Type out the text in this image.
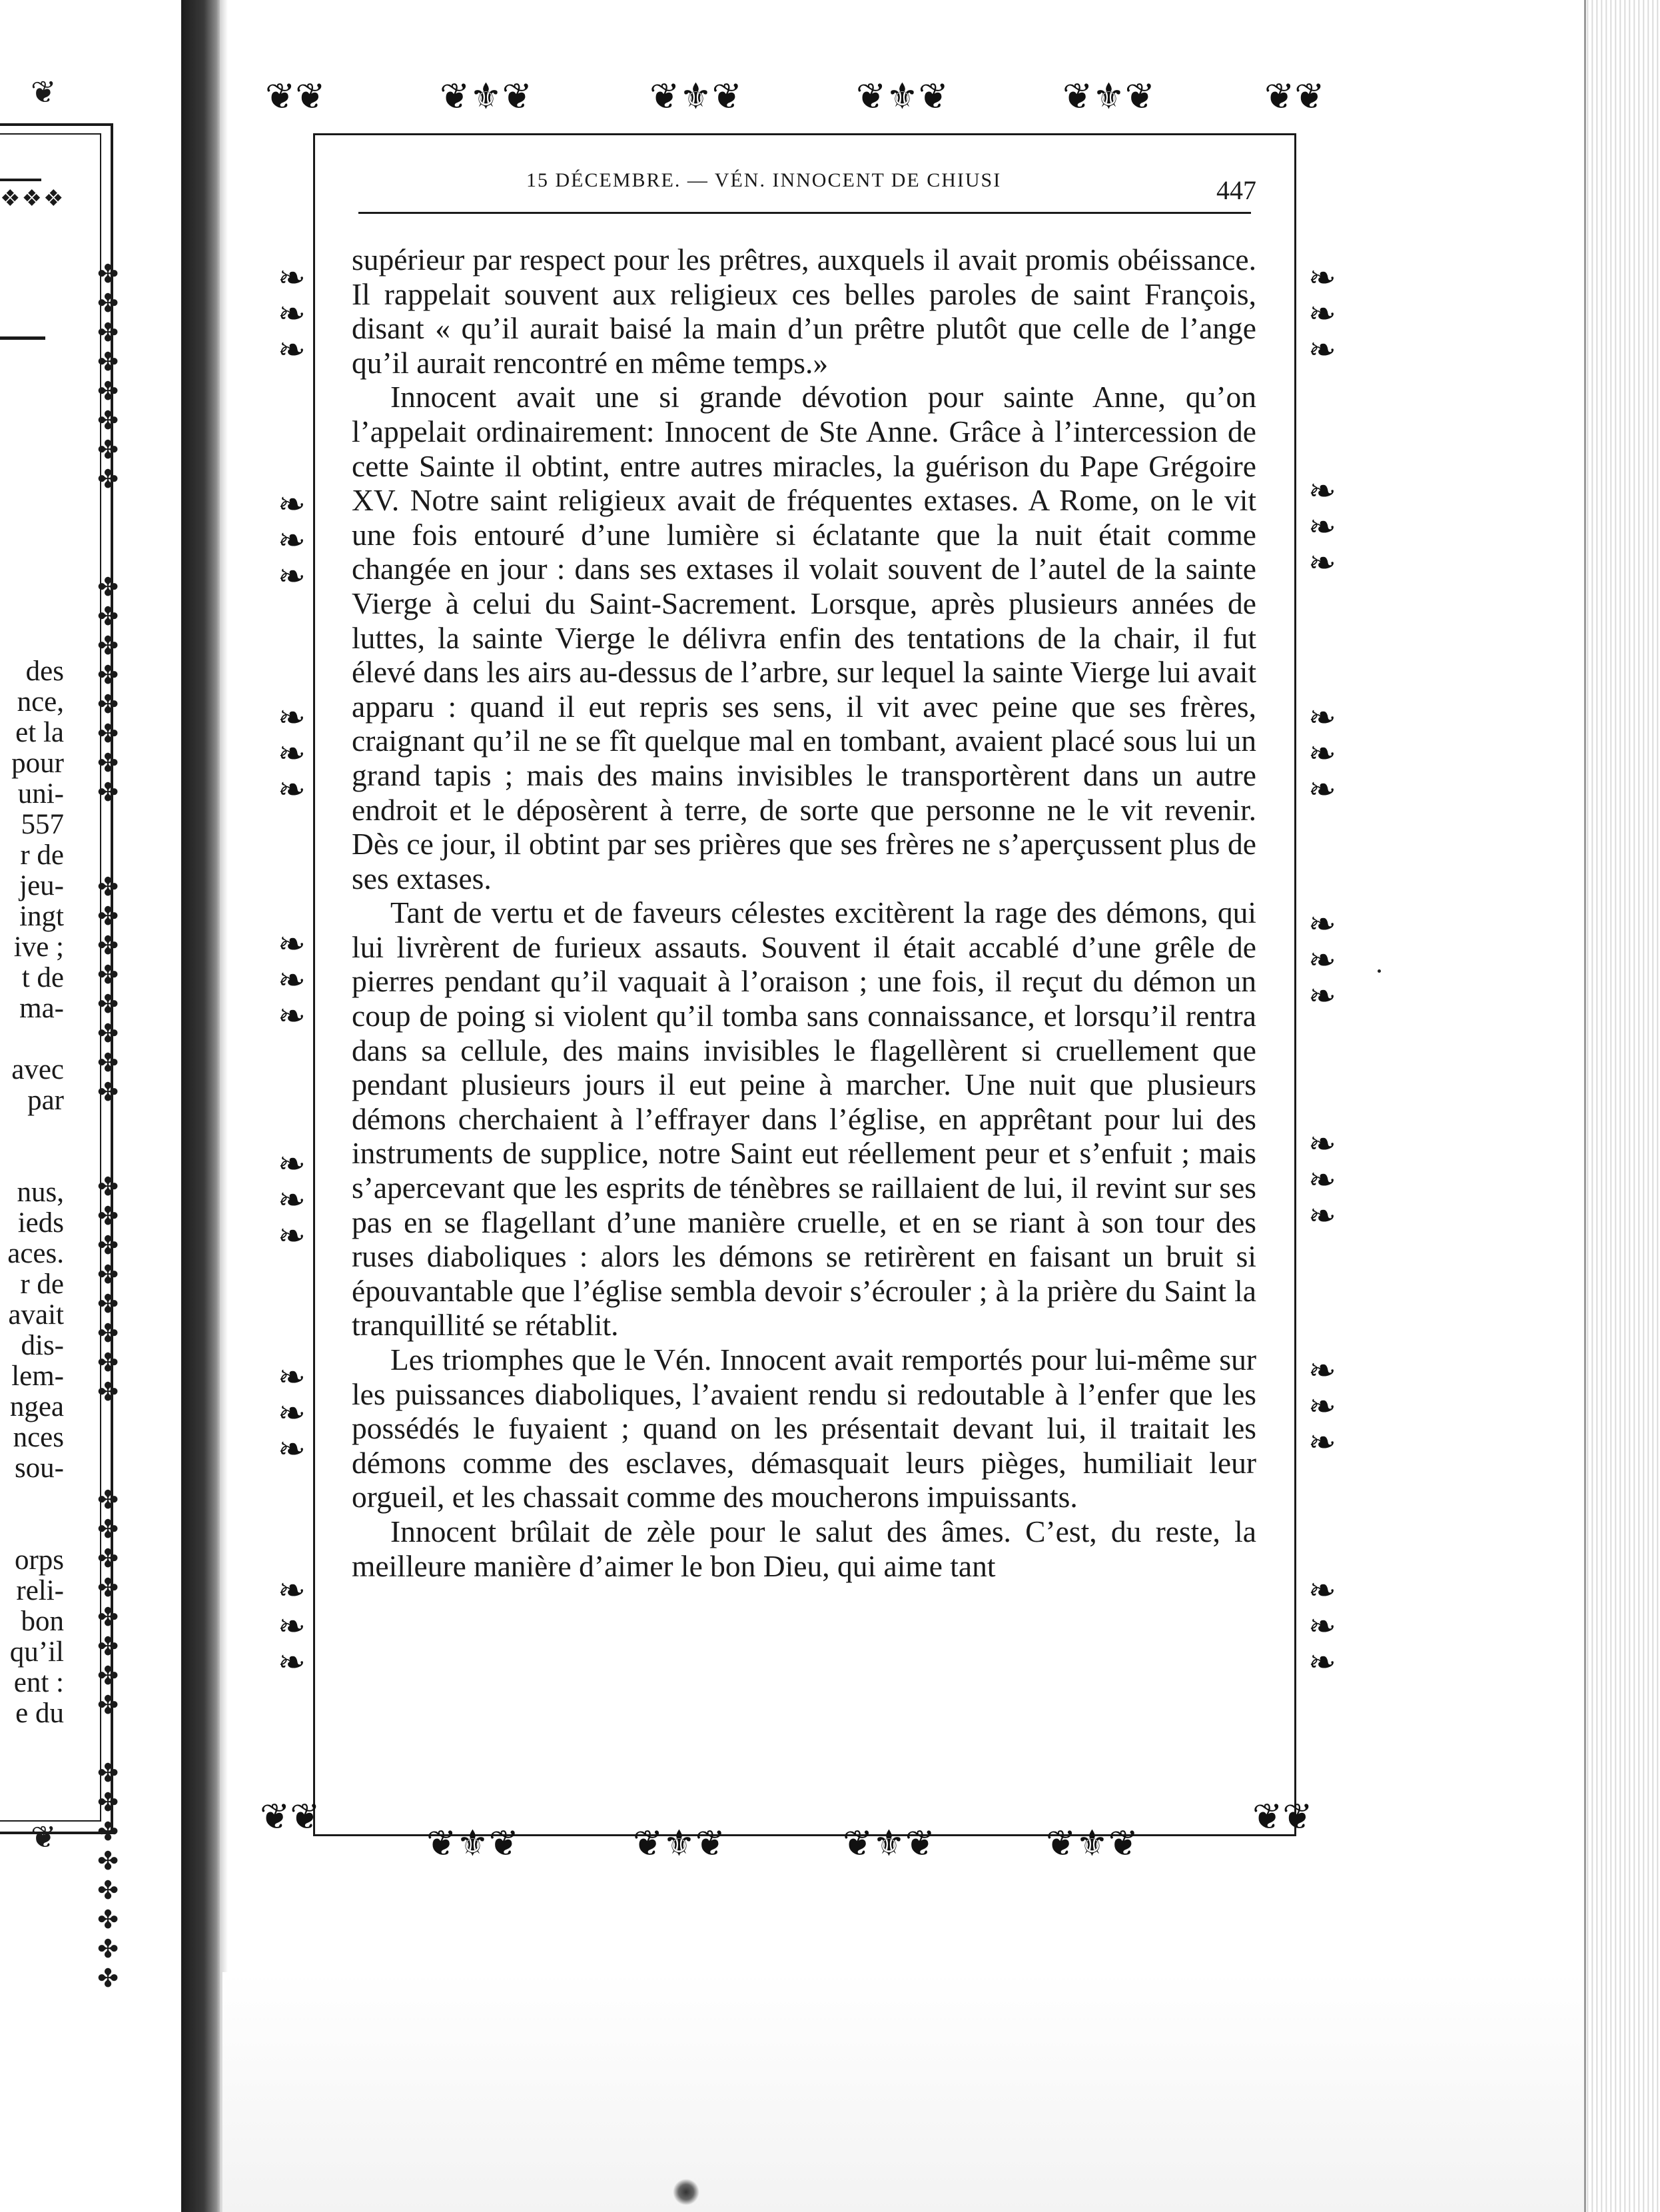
❖❖❖
des
nce,
et la
pour
uni-
557
r de
jeu-
ingt
ive ;
t de
ma-
avec
par
nus,
ieds
aces.
r de
avait
dis-
lem-
ngea
nces
sou-
orps
reli-
bon
qu’il
ent :
e du
✤
✤
✤
✤
✤
✤
✤
✤
✤
✤
✤
✤
✤
✤
✤
✤
✤
✤
✤
✤
✤
✤
✤
✤
✤
✤
✤
✤
✤
✤
✤
✤
✤
✤
✤
✤
✤
✤
✤
✤
✤
✤
✤
✤
✤
✤
✤
✤
❦
❦
❦⚜❦	❦⚜❦	❦⚜❦	❦⚜❦
❦⚜❦	❦⚜❦	❦⚜❦	❦⚜❦
❦❦	❦❦
❦❦	❦❦
❧
❧
❧
❧
❧
❧
❧
❧
❧
❧
❧
❧
❧
❧
❧
❧
❧
❧
❧
❧
❧
❧
❧
❧
❧
❧
❧
❧
❧
❧
❧
❧
❧
❧
❧
❧
❧
❧
❧
❧
❧
❧
15 DÉCEMBRE. — VÉN. INNOCENT DE CHIUSI	447

supérieur par respect pour les prêtres, auxquels il avait promis obéissance. Il rappelait souvent aux religieux ces belles paroles de saint François, disant « qu’il aurait baisé la main d’un prêtre plutôt que celle de l’ange qu’il aurait rencontré en même temps.»

Innocent avait une si grande dévotion pour sainte Anne, qu’on l’appelait ordinairement: Innocent de Ste Anne. Grâce à l’intercession de cette Sainte il obtint, entre autres miracles, la guérison du Pape Grégoire XV. Notre saint religieux avait de fréquentes extases. A Rome, on le vit une fois entouré d’une lumière si éclatante que la nuit était comme changée en jour : dans ses extases il volait souvent de l’autel de la sainte Vierge à celui du Saint-Sacrement. Lorsque, après plusieurs années de luttes, la sainte Vierge le délivra enfin des tentations de la chair, il fut élevé dans les airs au-dessus de l’arbre, sur lequel la sainte Vierge lui avait apparu : quand il eut repris ses sens, il vit avec peine que ses frères, craignant qu’il ne se fît quelque mal en tombant, avaient placé sous lui un grand tapis ; mais des mains invisibles le transportèrent dans un autre endroit et le déposèrent à terre, de sorte que personne ne le vit revenir. Dès ce jour, il obtint par ses prières que ses frères ne s’aperçussent plus de ses extases.

Tant de vertu et de faveurs célestes excitèrent la rage des démons, qui lui livrèrent de furieux assauts. Souvent il était accablé d’une grêle de pierres pendant qu’il vaquait à l’oraison ; une fois, il reçut du démon un coup de poing si violent qu’il tomba sans connaissance, et lorsqu’il rentra dans sa cellule, des mains invisibles le flagellèrent si cruellement que pendant plusieurs jours il eut peine à marcher. Une nuit que plusieurs démons cherchaient à l’effrayer dans l’église, en apprêtant pour lui des instruments de supplice, notre Saint eut réellement peur et s’enfuit ; mais s’apercevant que les esprits de ténèbres se raillaient de lui, il revint sur ses pas en se flagellant d’une manière cruelle, et en se riant à son tour des ruses diaboliques : alors les démons se retirèrent en faisant un bruit si épouvantable que l’église sembla devoir s’écrouler ; à la prière du Saint la tranquillité se rétablit.

Les triomphes que le Vén. Innocent avait remportés pour lui-même sur les puissances diaboliques, l’avaient rendu si redoutable à l’enfer que les possédés le fuyaient ; quand on les présentait devant lui, il traitait les démons comme des esclaves, démasquait leurs pièges, humiliait leur orgueil, et les chassait comme des moucherons impuissants.

Innocent brûlait de zèle pour le salut des âmes. C’est, du reste, la meilleure manière d’aimer le bon Dieu, qui aime tant
